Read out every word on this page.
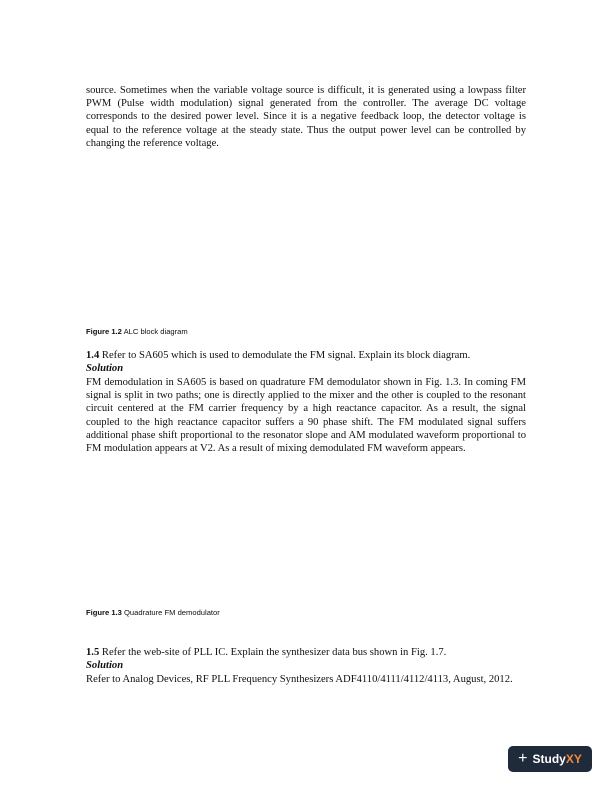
source. Sometimes when the variable voltage source is difficult, it is generated using a lowpass filter PWM (Pulse width modulation) signal generated from the controller. The average DC voltage corresponds to the desired power level. Since it is a negative feedback loop, the detector voltage is equal to the reference voltage at the steady state. Thus the output power level can be controlled by changing the reference voltage.

Figure 1.2 ALC block diagram

1.4 Refer to SA605 which is used to demodulate the FM signal. Explain its block diagram.

Solution

FM demodulation in SA605 is based on quadrature FM demodulator shown in Fig. 1.3. In coming FM signal is split in two paths; one is directly applied to the mixer and the other is coupled to the resonant circuit centered at the FM carrier frequency by a high reactance capacitor. As a result, the signal coupled to the high reactance capacitor suffers a 90 phase shift. The FM modulated signal suffers additional phase shift proportional to the resonator slope and AM modulated waveform proportional to FM modulation appears at V2. As a result of mixing demodulated FM waveform appears.

Figure 1.3 Quadrature FM demodulator

1.5 Refer the web-site of PLL IC. Explain the synthesizer data bus shown in Fig. 1.7.

Solution

Refer to Analog Devices, RF PLL Frequency Synthesizers ADF4110/4111/4112/4113, August, 2012.

+ Study XY
